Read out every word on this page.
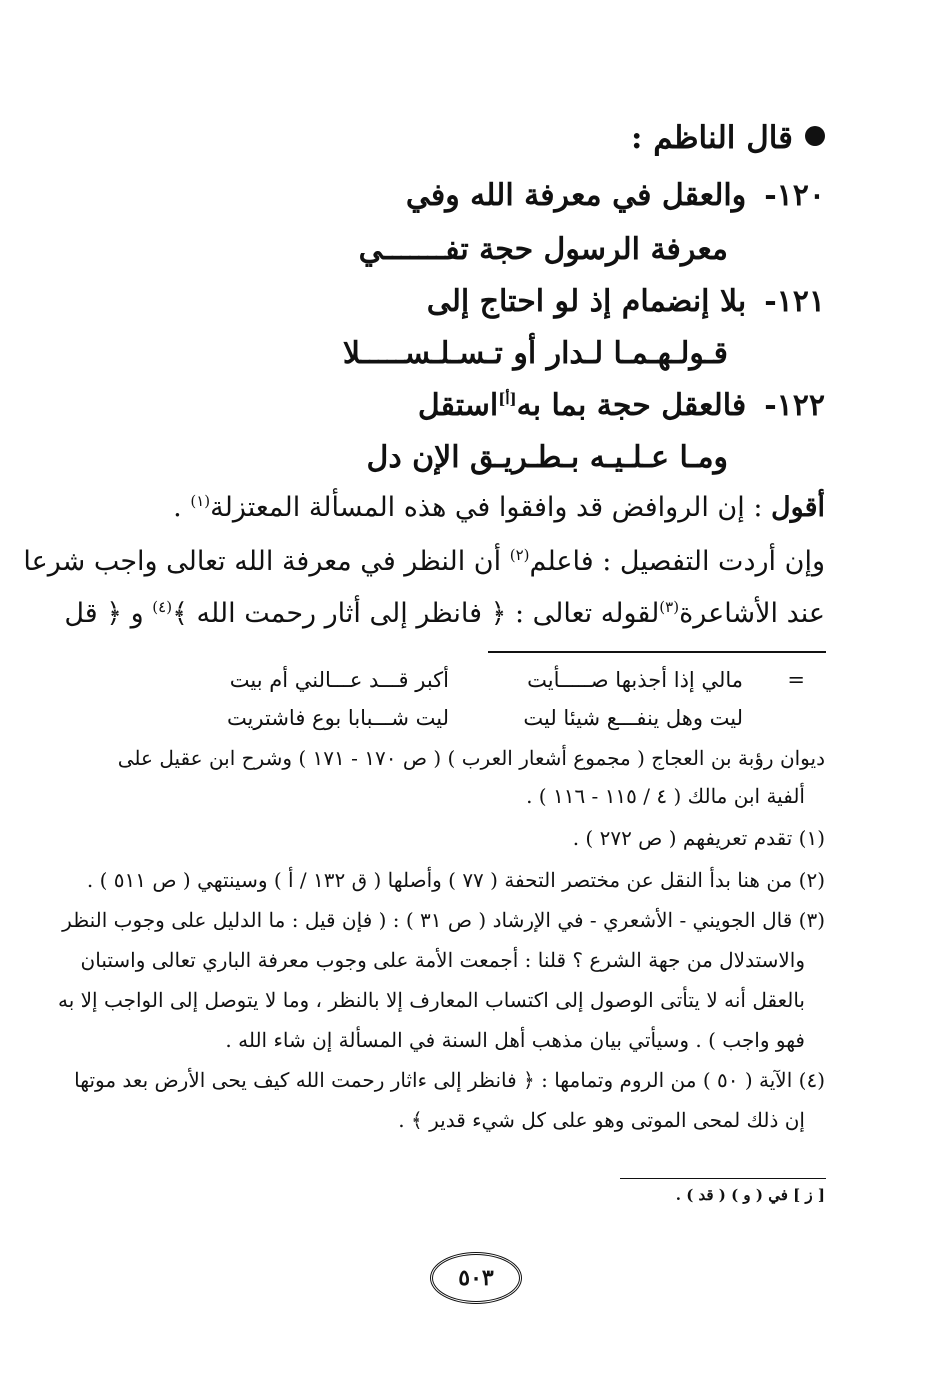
قال الناظم :
١٢٠-والعقل في معرفة الله وفي
معرفة الرسول حجة تفـــــــي
١٢١-بلا إنضمام إذ لو احتاج إلى
قـولـهـمـا لـدار أو تـسـلـســـــلا
١٢٢-فالعقل حجة بما به[أ]استقل
ومـا عـلـيـه بـطـريـق الإن دل
أقول : إن الروافض قد وافقوا في هذه المسألة المعتزلة$^{(١)}$ .
وإن أردت التفصيل : فاعلم$^{(٢)}$ أن النظر في معرفة الله تعالى واجب شرعا
عند الأشاعرة$^{(٣)}$لقوله تعالى : ﴿ فانظر إلى أثار رحمت الله ﴾$^{(٤)}$ و ﴿ قل
=
مالي إذا أجذبها صـــــأيت
أكبر قـــد عـــالني أم بيت
ليت وهل ينفـــع شيئا ليت
ليت شـــبابا بوع فاشتريت
ديوان رؤبة بن العجاج ( مجموع أشعار العرب ) ( ص ١٧٠ - ١٧١ ) وشرح ابن عقيل على
ألفية ابن مالك ( ٤ / ١١٥ - ١١٦ ) .
(١) تقدم تعريفهم ( ص ٢٧٢ ) .
(٢) من هنا بدأ النقل عن مختصر التحفة ( ٧٧ ) وأصلها ( ق ١٣٢ / أ ) وسينتهي ( ص ٥١١ ) .
(٣) قال الجويني - الأشعري - في الإرشاد ( ص ٣١ ) : ( فإن قيل : ما الدليل على وجوب النظر
والاستدلال من جهة الشرع ؟ قلنا : أجمعت الأمة على وجوب معرفة الباري تعالى واستبان
بالعقل أنه لا يتأتى الوصول إلى اكتساب المعارف إلا بالنظر ، وما لا يتوصل إلى الواجب إلا به
فهو واجب ) . وسيأتي بيان مذهب أهل السنة في المسألة إن شاء الله .
(٤) الآية ( ٥٠ ) من الروم وتمامها : ﴿ فانظر إلى ءاثار رحمت الله كيف يحى الأرض بعد موتها
إن ذلك لمحى الموتى وهو على كل شيء قدير ﴾ .
[ ز ] في ( و ) ( قد ) .
٥٠٣
